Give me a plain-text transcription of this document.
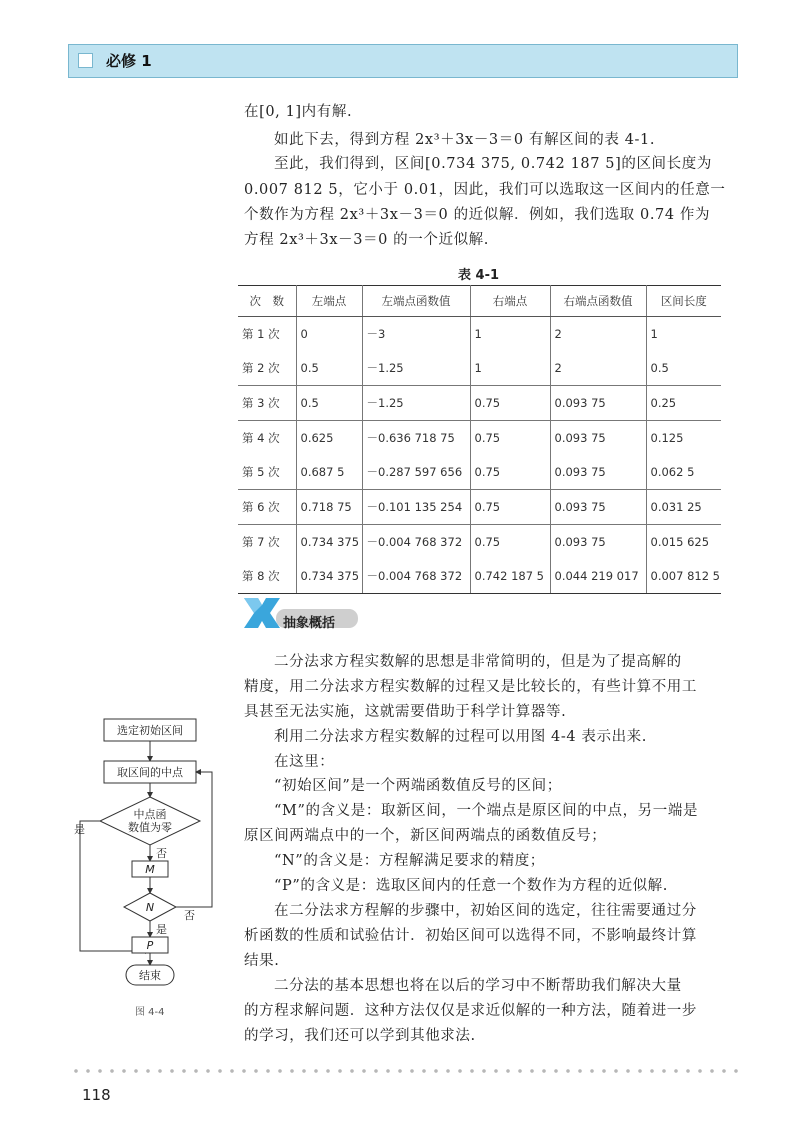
必修 1
在[0, 1]内有解.
如此下去，得到方程 2x³＋3x－3＝0 有解区间的表 4-1.
至此，我们得到，区间[0.734 375, 0.742 187 5]的区间长度为
0.007 812 5，它小于 0.01，因此，我们可以选取这一区间内的任意一
个数作为方程 2x³＋3x－3＝0 的近似解．例如，我们选取 0.74 作为
方程 2x³＋3x－3＝0 的一个近似解.
表 4-1
次　数	左端点	左端点函数值	右端点	右端点函数值	区间长度
第 1 次	0	－3	1	2	1
第 2 次	0.5	－1.25	1	2	0.5
第 3 次	0.5	－1.25	0.75	0.093 75	0.25
第 4 次	0.625	－0.636 718 75	0.75	0.093 75	0.125
第 5 次	0.687 5	－0.287 597 656	0.75	0.093 75	0.062 5
第 6 次	0.718 75	－0.101 135 254	0.75	0.093 75	0.031 25
第 7 次	0.734 375	－0.004 768 372	0.75	0.093 75	0.015 625
第 8 次	0.734 375	－0.004 768 372	0.742 187 5	0.044 219 017	0.007 812 5
抽象概括
二分法求方程实数解的思想是非常简明的，但是为了提高解的
精度，用二分法求方程实数解的过程又是比较长的，有些计算不用工
具甚至无法实施，这就需要借助于科学计算器等.
利用二分法求方程实数解的过程可以用图 4-4 表示出来.
在这里：
“初始区间”是一个两端函数值反号的区间；
“M”的含义是：取新区间，一个端点是原区间的中点，另一端是
原区间两端点中的一个，新区间两端点的函数值反号；
“N”的含义是：方程解满足要求的精度；
“P”的含义是：选取区间内的任意一个数作为方程的近似解.
在二分法求方程解的步骤中，初始区间的选定，往往需要通过分
析函数的性质和试验估计．初始区间可以选得不同，不影响最终计算
结果.
二分法的基本思想也将在以后的学习中不断帮助我们解决大量
的方程求解问题．这种方法仅仅是求近似解的一种方法，随着进一步
的学习，我们还可以学到其他求法.
选定初始区间
取区间的中点
中点函
数值为零
是
否
M
N
否
是
P
结束
图 4-4
118
